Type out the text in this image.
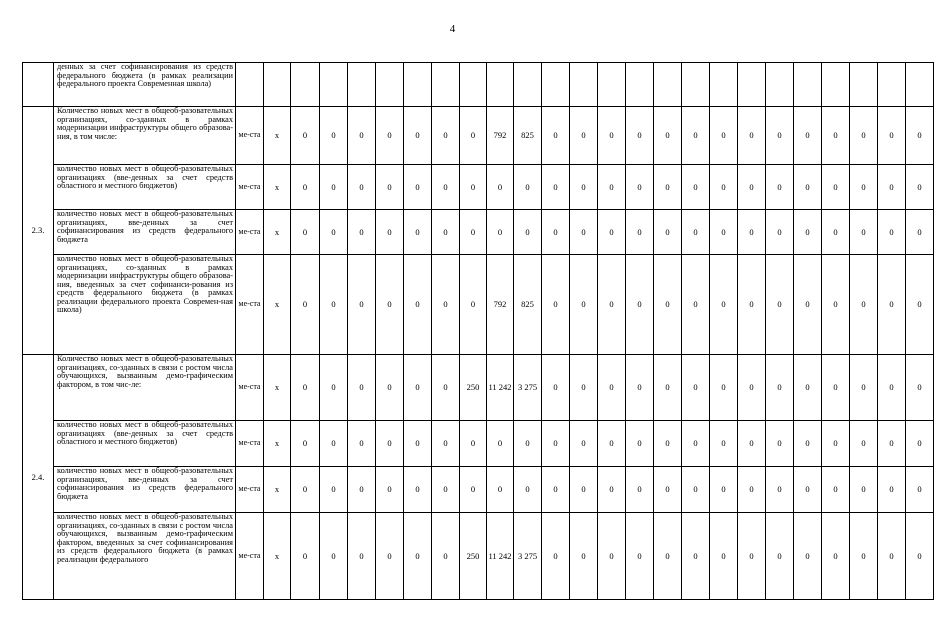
4
	денных за счет софинансирования из средств федерального бюджета (в рамках реализации федерального проекта Современная школа)																									
2.3.	Количество новых мест в общеоб-разовательных организациях, со-зданных в рамках модернизации инфраструктуры общего образова-ния, в том числе:	ме-ста	x	0	0	0	0	0	0	0	792	825	0	0	0	0	0	0	0	0	0	0	0	0	0	0
	количество новых мест в общеоб-разовательных организациях (вве-денных за счет средств областного и местного бюджетов)	ме-ста	x	0	0	0	0	0	0	0	0	0	0	0	0	0	0	0	0	0	0	0	0	0	0	0
	количество новых мест в общеоб-разовательных организациях, вве-денных за счет софинансирования из средств федерального бюджета	ме-ста	x	0	0	0	0	0	0	0	0	0	0	0	0	0	0	0	0	0	0	0	0	0	0	0
	количество новых мест в общеоб-разовательных организациях, со-зданных в рамках модернизации инфраструктуры общего образова-ния, введенных за счет софинанси-рования из средств федерального бюджета (в рамках реализации федерального проекта Современ-ная школа)	ме-ста	x	0	0	0	0	0	0	0	792	825	0	0	0	0	0	0	0	0	0	0	0	0	0	0
2.4.	Количество новых мест в общеоб-разовательных организациях, со-зданных в связи с ростом числа обучающихся, вызванным демо-графическим фактором, в том чис-ле:	ме-ста	x	0	0	0	0	0	0	250	11 242	3 275	0	0	0	0	0	0	0	0	0	0	0	0	0	0
	количество новых мест в общеоб-разовательных организациях (вве-денных за счет средств областного и местного бюджетов)	ме-ста	x	0	0	0	0	0	0	0	0	0	0	0	0	0	0	0	0	0	0	0	0	0	0	0
	количество новых мест в общеоб-разовательных организациях, вве-денных за счет софинансирования из средств федерального бюджета	ме-ста	x	0	0	0	0	0	0	0	0	0	0	0	0	0	0	0	0	0	0	0	0	0	0	0
	количество новых мест в общеоб-разовательных организациях, со-зданных в связи с ростом числа обучающихся, вызванным демо-графическим фактором, введенных за счет софинансирования из средств федерального бюджета (в рамках реализации федерального	ме-ста	x	0	0	0	0	0	0	250	11 242	3 275	0	0	0	0	0	0	0	0	0	0	0	0	0	0
